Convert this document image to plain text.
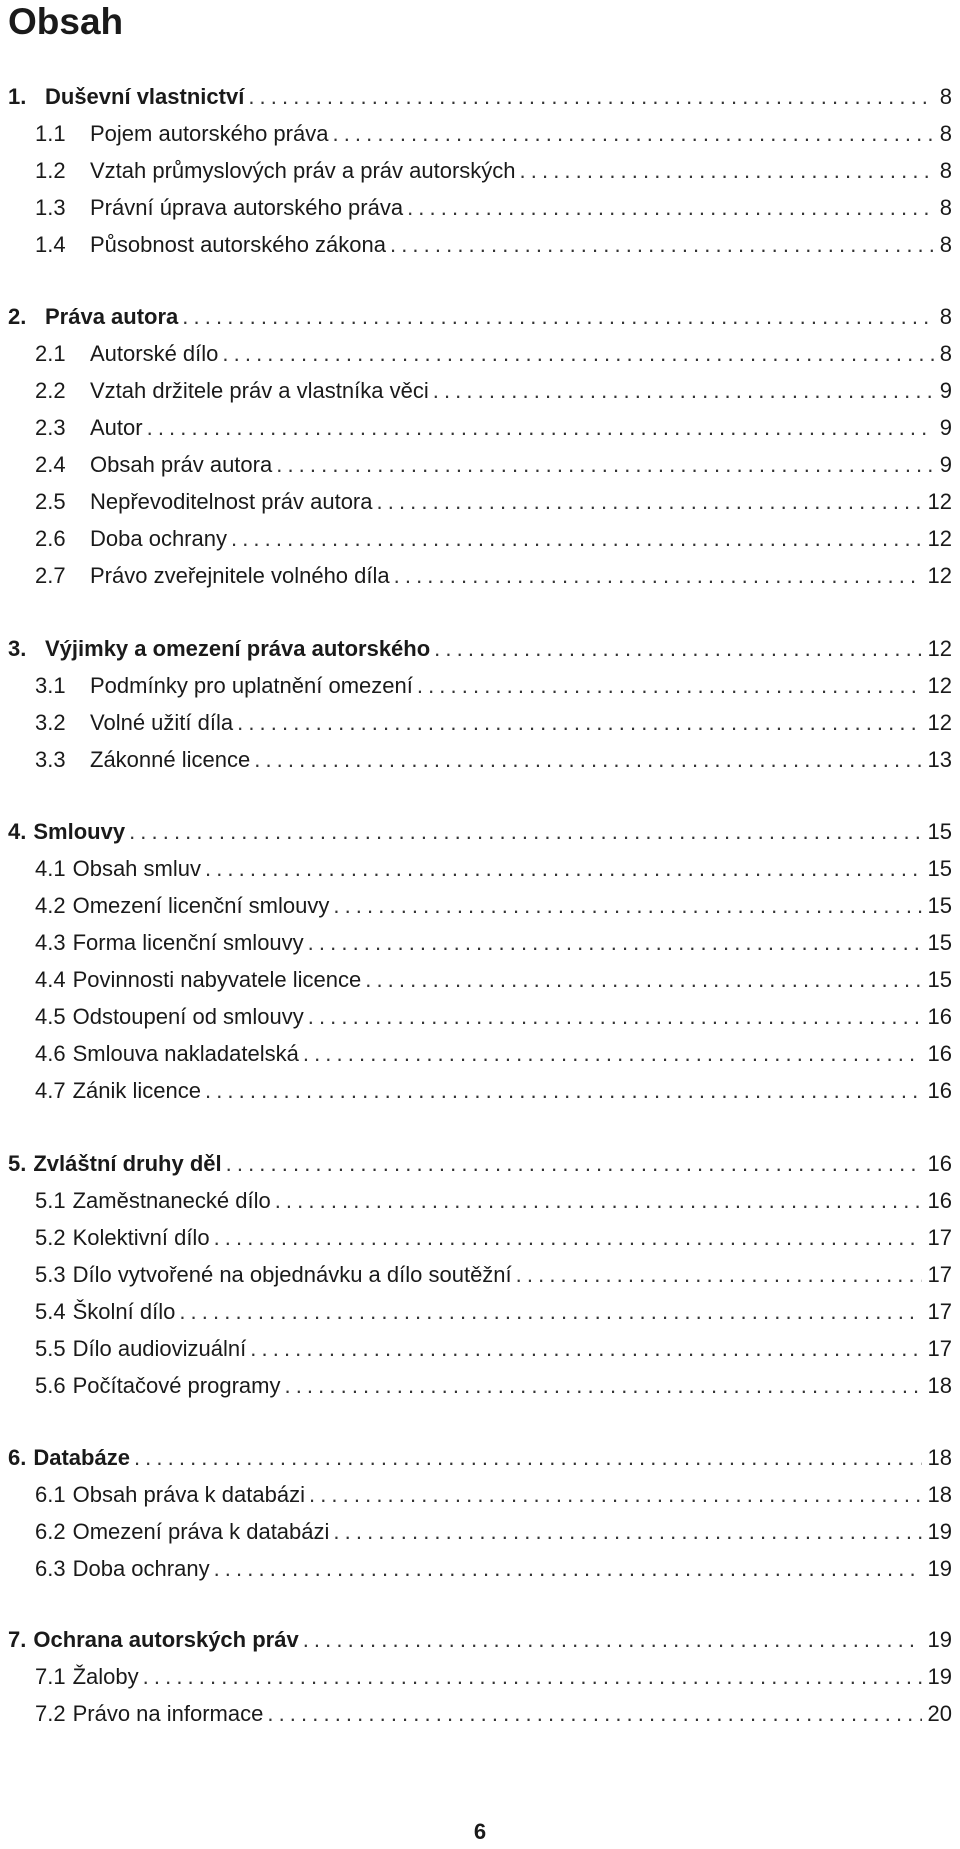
Obsah
1. Duševní vlastnictví . . .	8
1.1	Pojem autorského práva . . .	8
1.2	Vztah průmyslových práv a práv autorských . . .	8
1.3	Právní úprava autorského práva . . .	8
1.4	Působnost autorského zákona . . .	8
2. Práva autora . . .	8
2.1	Autorské dílo . . .	8
2.2	Vztah držitele práv a vlastníka věci . . .	9
2.3	Autor . . .	9
2.4	Obsah práv autora . . .	9
2.5	Nepřevoditelnost práv autora . . .	12
2.6	Doba ochrany . . .	12
2.7	Právo zveřejnitele volného díla . . .	12
3. Výjimky a omezení práva autorského . . .	12
3.1	Podmínky pro uplatnění omezení . . .	12
3.2	Volné užití díla . . .	12
3.3	Zákonné licence . . .	13
4. Smlouvy . . .	15
4.1 Obsah smluv . . .	15
4.2 Omezení licenční smlouvy . . .	15
4.3 Forma licenční smlouvy . . .	15
4.4 Povinnosti nabyvatele licence . . .	15
4.5 Odstoupení od smlouvy . . .	16
4.6 Smlouva nakladatelská . . .	16
4.7 Zánik licence . . .	16
5. Zvláštní druhy děl . . .	16
5.1 Zaměstnanecké dílo . . .	16
5.2 Kolektivní dílo . . .	17
5.3 Dílo vytvořené na objednávku a dílo soutěžní . . .	17
5.4 Školní dílo . . .	17
5.5 Dílo audiovizuální . . .	17
5.6 Počítačové programy . . .	18
6. Databáze . . .	18
6.1 Obsah práva k databázi . . .	18
6.2 Omezení práva k databázi . . .	19
6.3 Doba ochrany . . .	19
7. Ochrana autorských práv . . .	19
7.1 Žaloby . . .	19
7.2 Právo na informace . . .	20
6
